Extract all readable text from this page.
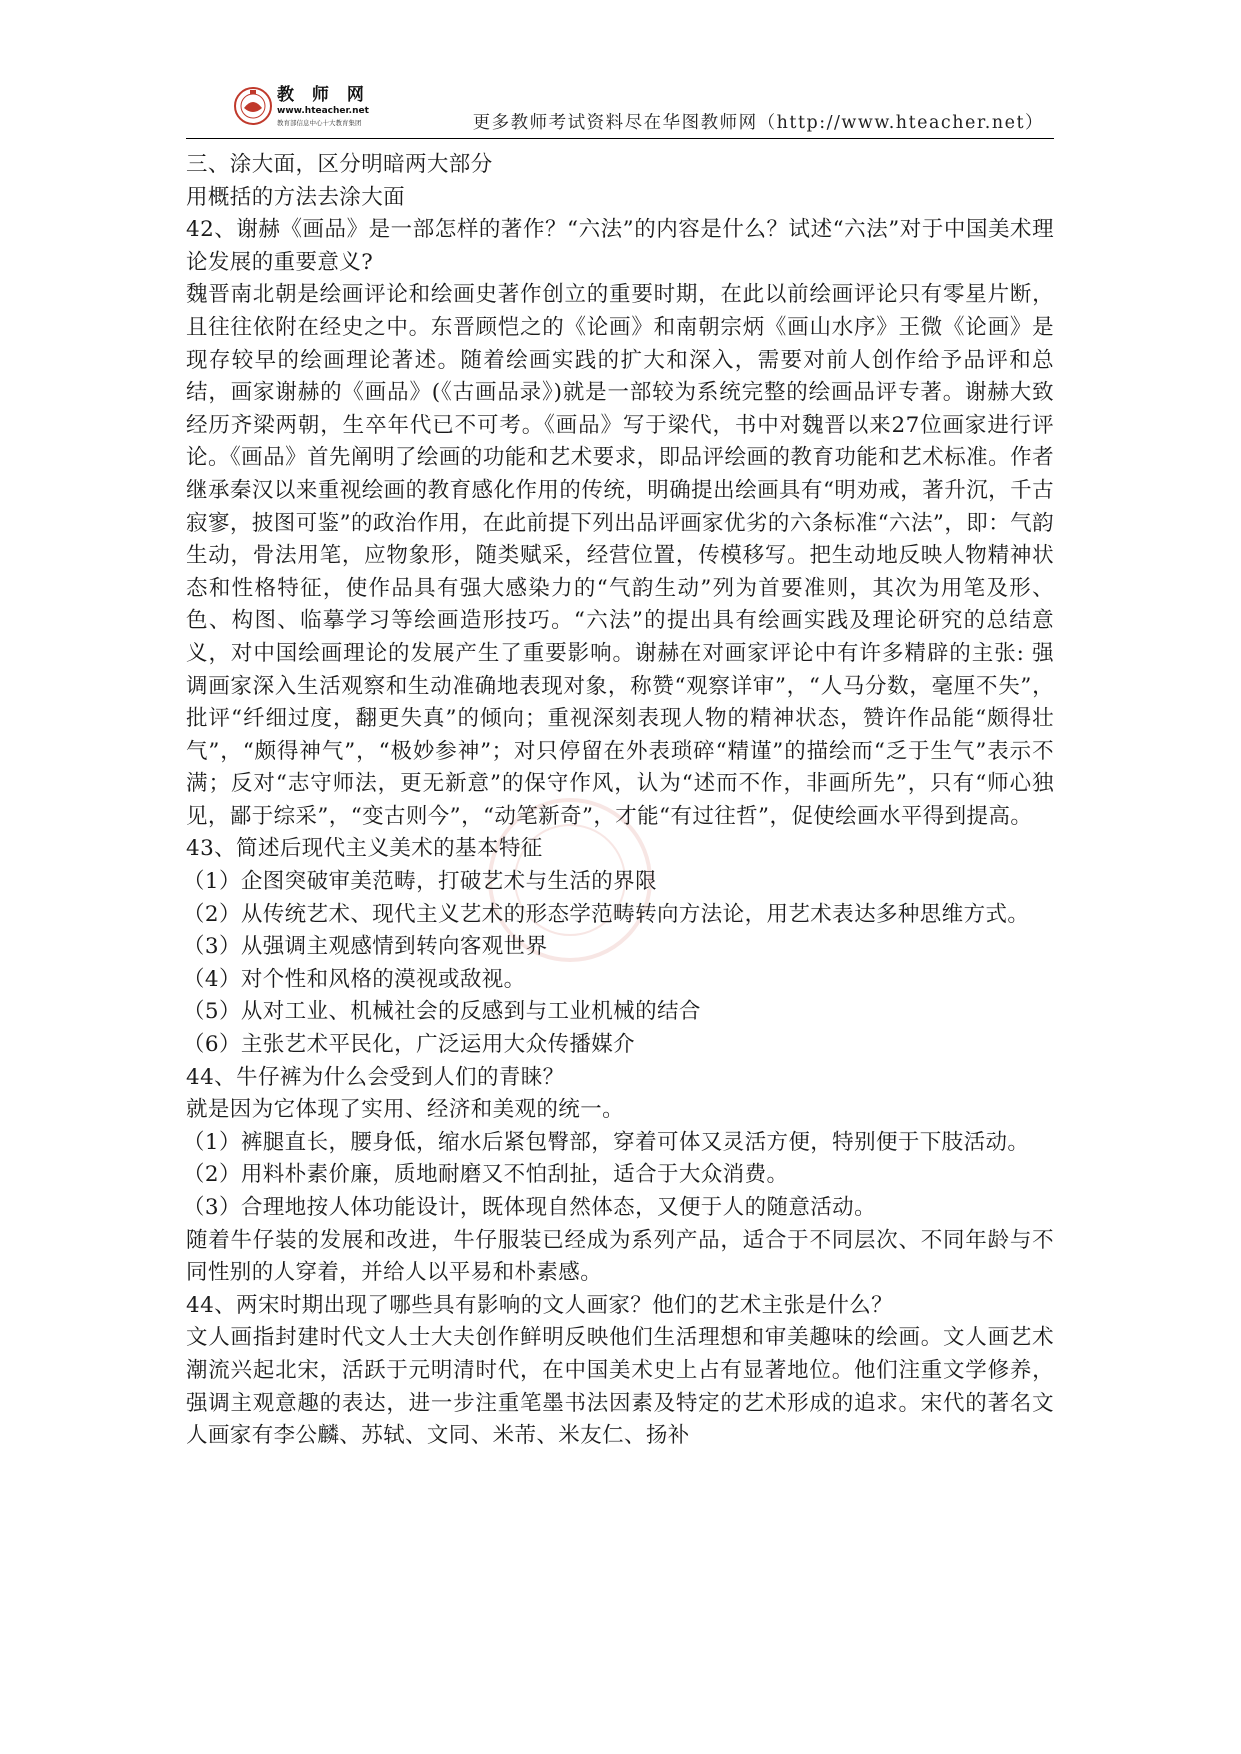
教 师 网
www.hteacher.net
教育部信息中心十大教育集团	更多教师考试资料尽在华图教师网（http://www.hteacher.net）

三、涂大面，区分明暗两大部分

用概括的方法去涂大面

42、谢赫《画品》是一部怎样的著作？“六法”的内容是什么？试述“六法”对于中国美术理论发展的重要意义?

魏晋南北朝是绘画评论和绘画史著作创立的重要时期，在此以前绘画评论只有零星片断，且往往依附在经史之中。东晋顾恺之的《论画》和南朝宗炳《画山水序》王微《论画》是现存较早的绘画理论著述。随着绘画实践的扩大和深入，需要对前人创作给予品评和总结，画家谢赫的《画品》(《古画品录》)就是一部较为系统完整的绘画品评专著。谢赫大致经历齐梁两朝，生卒年代已不可考。《画品》写于梁代，书中对魏晋以来27位画家进行评论。《画品》首先阐明了绘画的功能和艺术要求，即品评绘画的教育功能和艺术标准。作者继承秦汉以来重视绘画的教育感化作用的传统，明确提出绘画具有“明劝戒，著升沉，千古寂寥，披图可鉴”的政治作用，在此前提下列出品评画家优劣的六条标准“六法”，即：气韵生动，骨法用笔，应物象形，随类赋采，经营位置，传模移写。把生动地反映人物精神状态和性格特征，使作品具有强大感染力的“气韵生动”列为首要准则，其次为用笔及形、色、构图、临摹学习等绘画造形技巧。“六法”的提出具有绘画实践及理论研究的总结意义，对中国绘画理论的发展产生了重要影响。谢赫在对画家评论中有许多精辟的主张: 强调画家深入生活观察和生动准确地表现对象，称赞“观察详审”，“人马分数，毫厘不失”，批评“纤细过度，翻更失真”的倾向；重视深刻表现人物的精神状态，赞许作品能“颇得壮气”，“颇得神气”，“极妙参神”；对只停留在外表琐碎“精谨”的描绘而“乏于生气”表示不满；反对“志守师法，更无新意”的保守作风，认为“述而不作，非画所先”，只有“师心独见，鄙于综采”，“变古则今”，“动笔新奇”，才能“有过往哲”，促使绘画水平得到提高。

43、简述后现代主义美术的基本特征

（1）企图突破审美范畴，打破艺术与生活的界限

（2）从传统艺术、现代主义艺术的形态学范畴转向方法论，用艺术表达多种思维方式。

（3）从强调主观感情到转向客观世界

（4）对个性和风格的漠视或敌视。

（5）从对工业、机械社会的反感到与工业机械的结合

（6）主张艺术平民化，广泛运用大众传播媒介

44、牛仔裤为什么会受到人们的青睐？

就是因为它体现了实用、经济和美观的统一。

（1）裤腿直长，腰身低，缩水后紧包臀部，穿着可体又灵活方便，特别便于下肢活动。

（2）用料朴素价廉，质地耐磨又不怕刮扯，适合于大众消费。

（3）合理地按人体功能设计，既体现自然体态，又便于人的随意活动。

随着牛仔装的发展和改进，牛仔服装已经成为系列产品，适合于不同层次、不同年龄与不同性别的人穿着，并给人以平易和朴素感。

44、两宋时期出现了哪些具有影响的文人画家？他们的艺术主张是什么？

文人画指封建时代文人士大夫创作鲜明反映他们生活理想和审美趣味的绘画。文人画艺术潮流兴起北宋，活跃于元明清时代，在中国美术史上占有显著地位。他们注重文学修养，强调主观意趣的表达，进一步注重笔墨书法因素及特定的艺术形成的追求。宋代的著名文人画家有李公麟、苏轼、文同、米芾、米友仁、扬补
